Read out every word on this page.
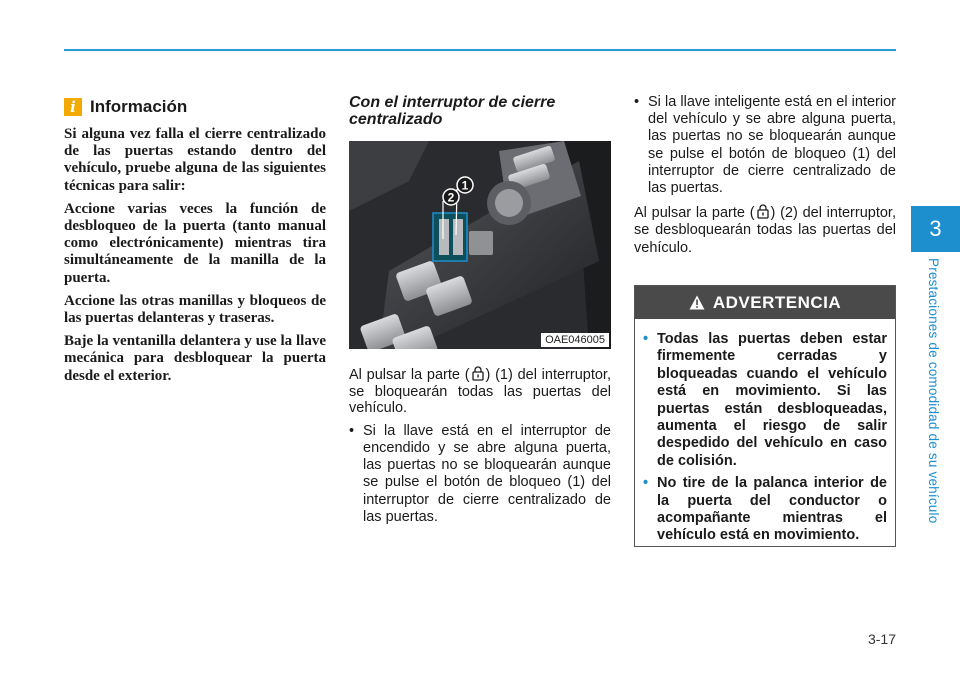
i Información

Si alguna vez falla el cierre centralizado de las puertas estando dentro del vehículo, pruebe alguna de las siguientes técnicas para salir:

Accione varias veces la función de desbloqueo de la puerta (tanto manual como electrónicamente) mientras tira simultáneamente de la manilla de la puerta.

Accione las otras manillas y bloqueos de las puertas delanteras y traseras.

Baje la ventanilla delantera y use la llave mecánica para desbloquear la puerta desde el exterior.

Con el interruptor de cierre centralizado

1
2
OAE046005

Al pulsar la parte ( ) (1) del interruptor, se bloquearán todas las puertas del vehículo.

• Si la llave está en el interruptor de encendido y se abre alguna puerta, las puertas no se bloquearán aunque se pulse el botón de bloqueo (1) del interruptor de cierre centralizado de las puertas.

• Si la llave inteligente está en el interior del vehículo y se abre alguna puerta, las puertas no se bloquearán aunque se pulse el botón de bloqueo (1) del interruptor de cierre centralizado de las puertas.

Al pulsar la parte ( ) (2) del interruptor, se desbloquearán todas las puertas del vehículo.

ADVERTENCIA

• Todas las puertas deben estar firmemente cerradas y bloqueadas cuando el vehículo está en movimiento. Si las puertas están desbloqueadas, aumenta el riesgo de salir despedido del vehículo en caso de colisión.

• No tire de la palanca interior de la puerta del conductor o acompañante mientras el vehículo está en movimiento.

3
Prestaciones de comodidad de su vehículo
3-17
